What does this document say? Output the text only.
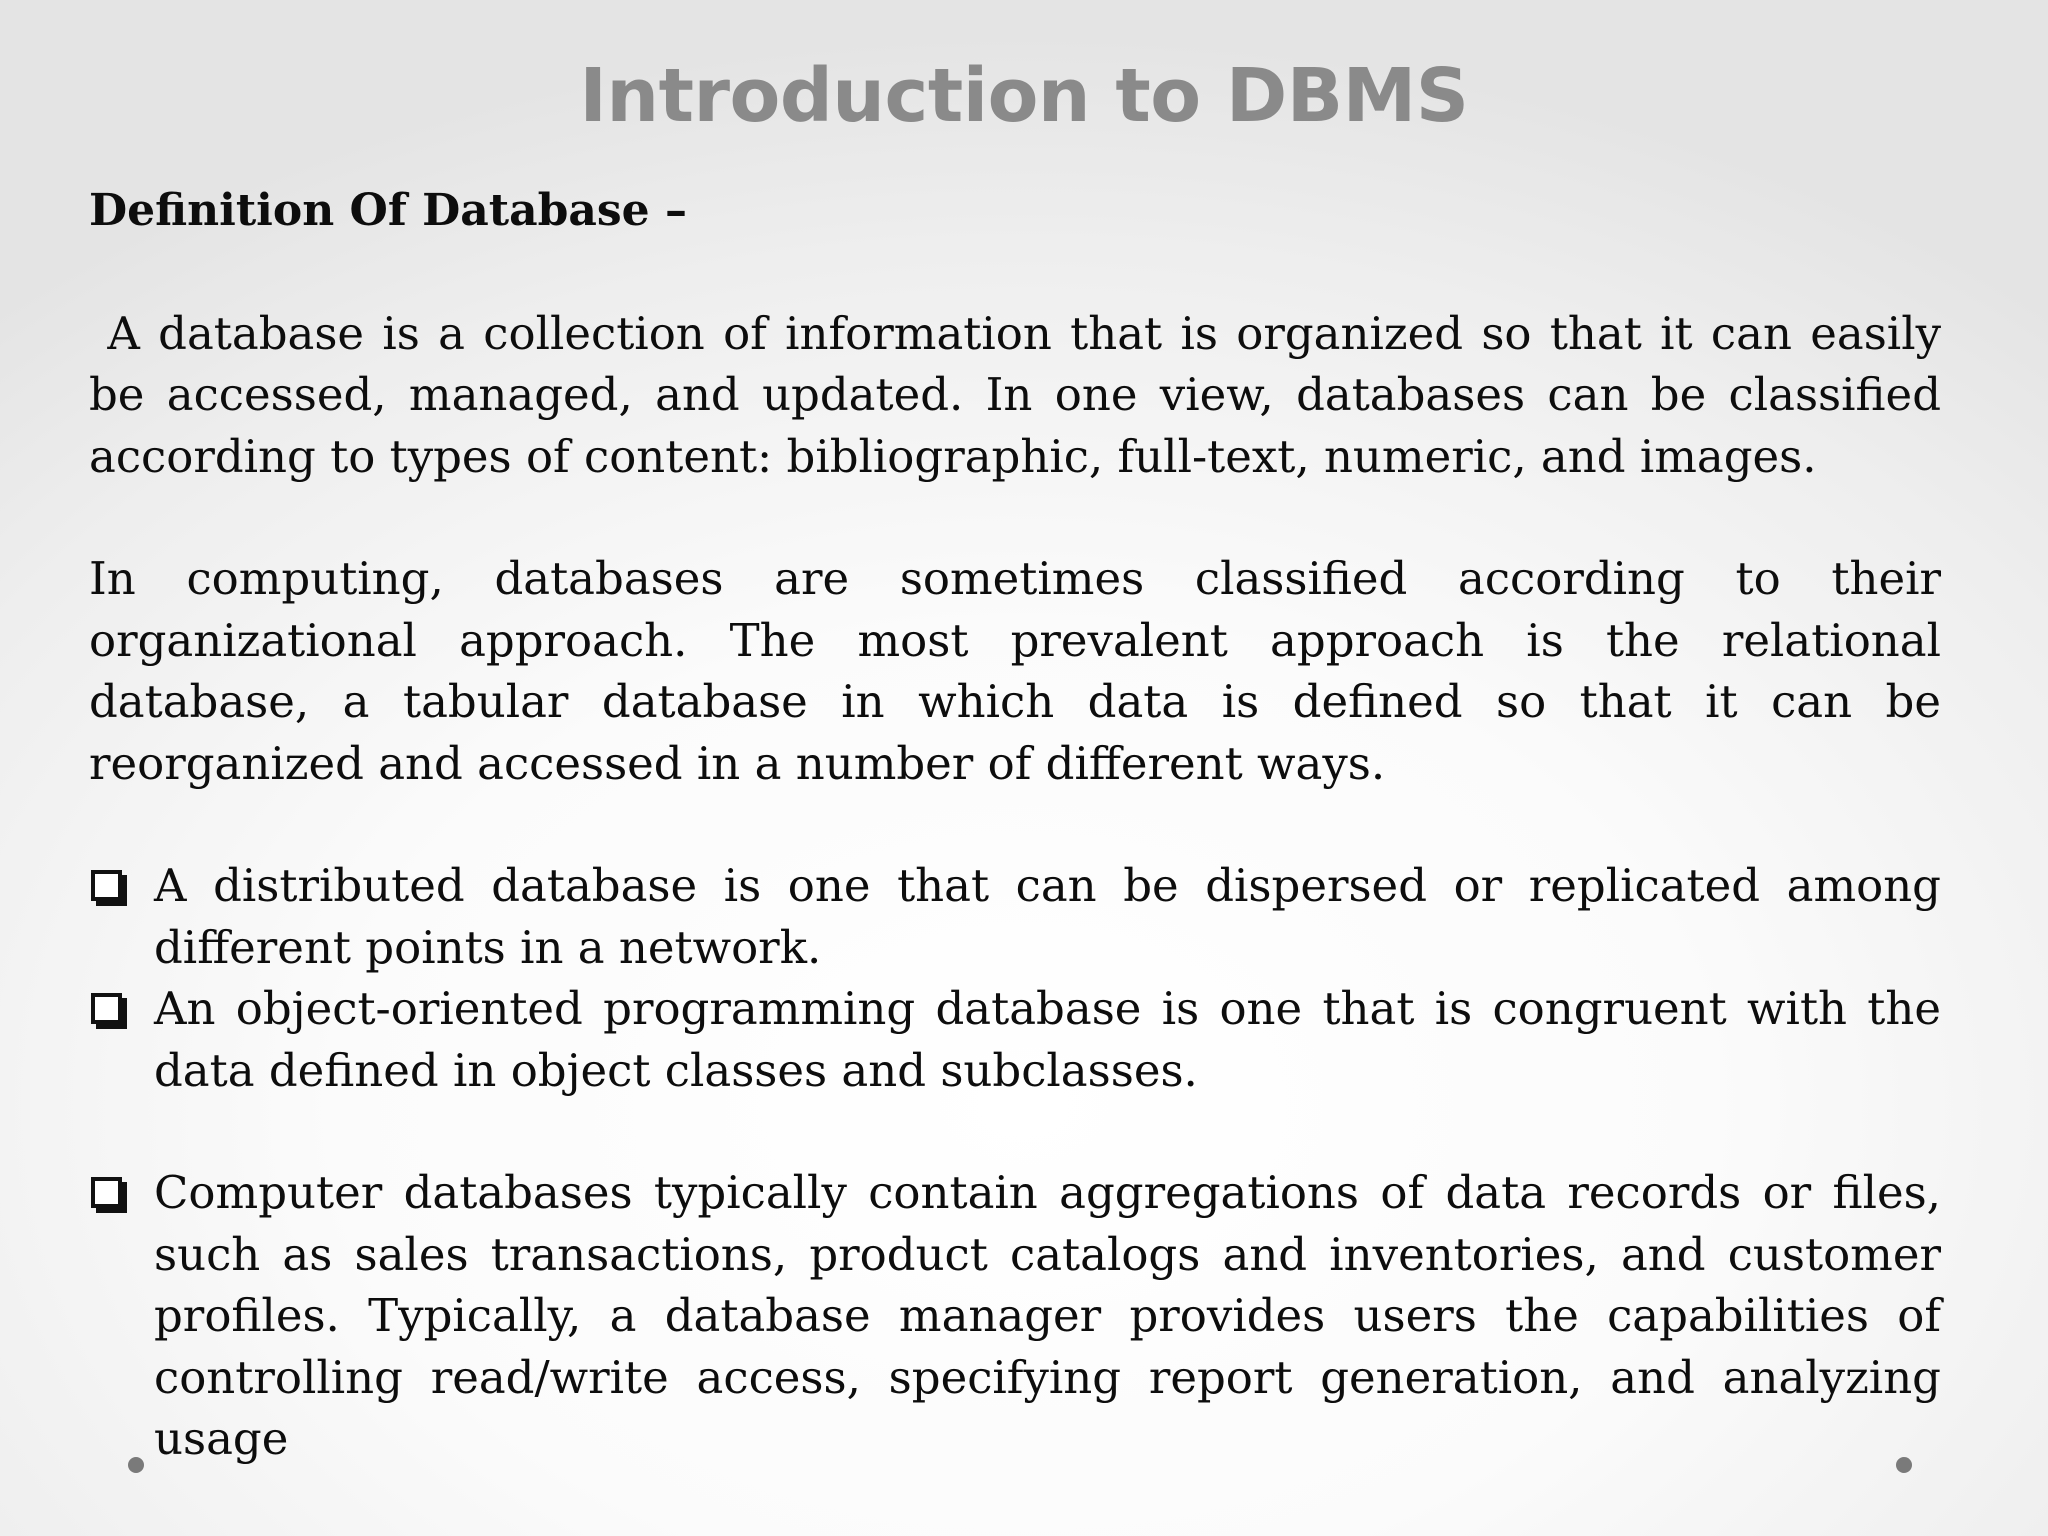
Introduction to DBMS
Definition Of Database –

A database is a collection of information that is organized so that it can easily be accessed, managed, and updated. In one view, databases can be classified according to types of content: bibliographic, full-text, numeric, and images.

In computing, databases are sometimes classified according to their organizational approach. The most prevalent approach is the relational database, a tabular database in which data is defined so that it can be reorganized and accessed in a number of different ways.

A distributed database is one that can be dispersed or replicated among different points in a network.
An object-oriented programming database is one that is congruent with the data defined in object classes and subclasses.
Computer databases typically contain aggregations of data records or files, such as sales transactions, product catalogs and inventories, and customer profiles. Typically, a database manager provides users the capabilities of controlling read/write access, specifying report generation, and analyzing usage
